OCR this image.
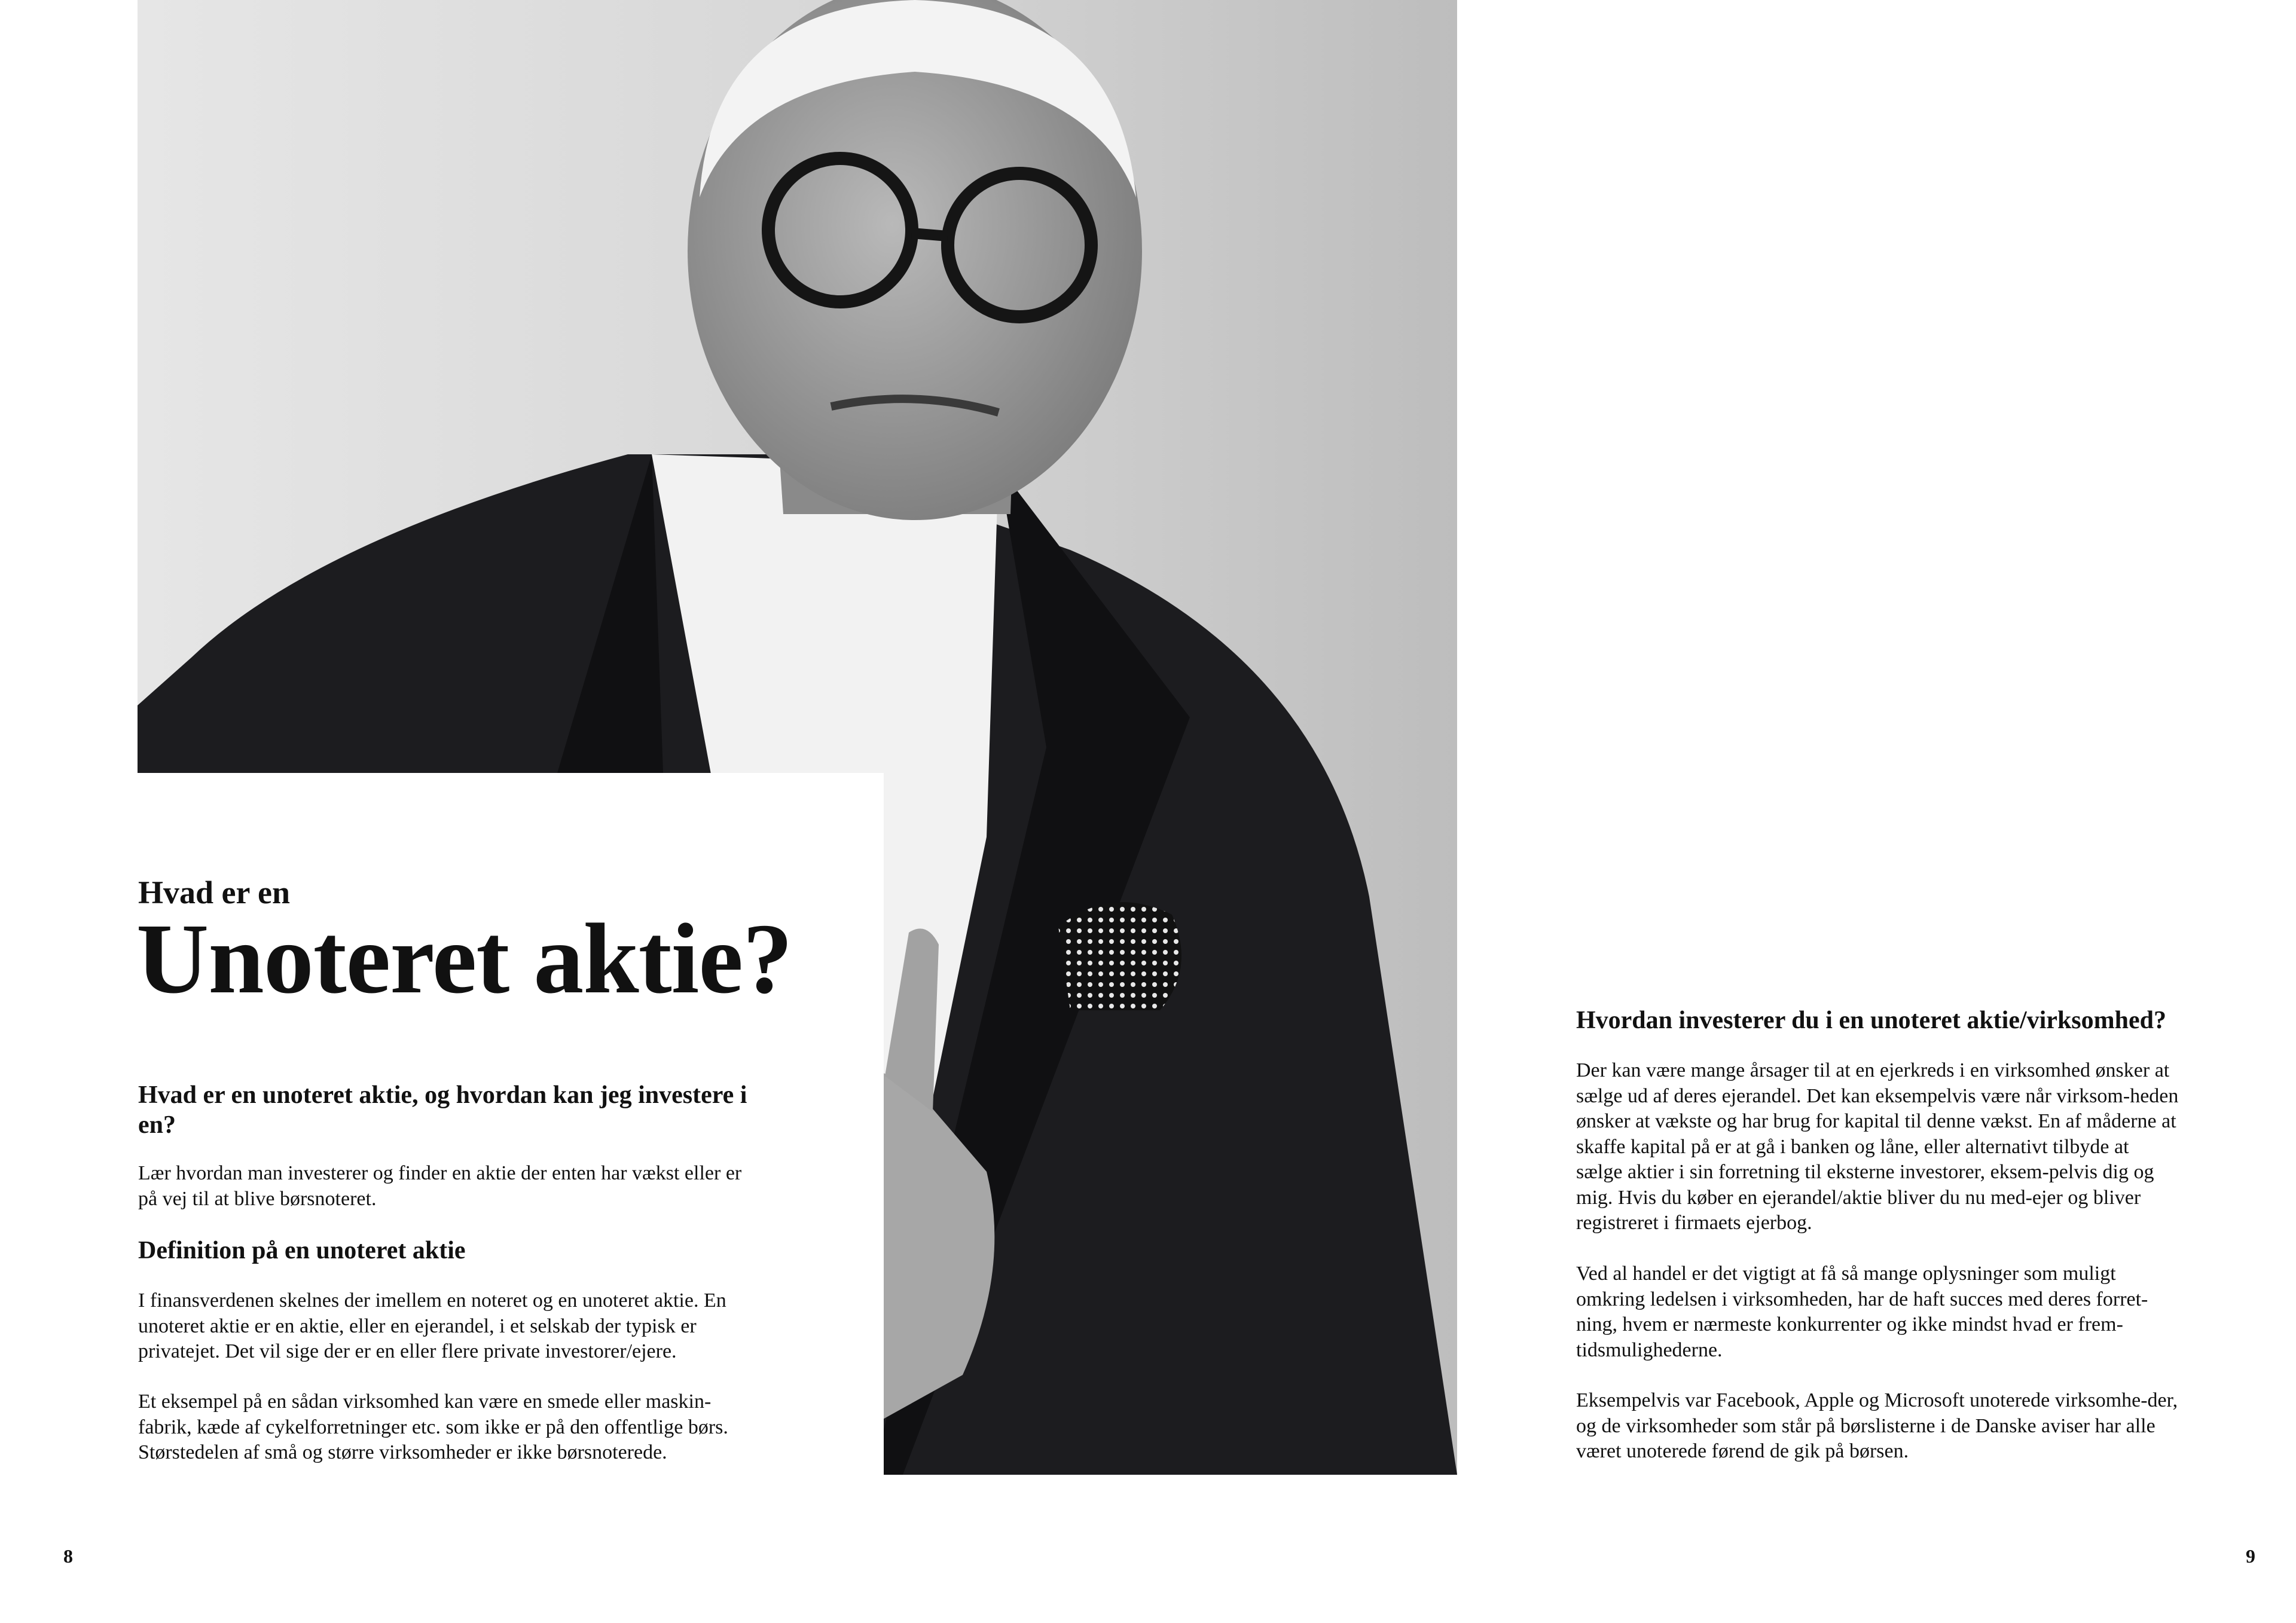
Hvad er en
Unoteret aktie?
Hvad er en unoteret aktie, og hvordan kan jeg investere i en?
Lær hvordan man investerer og finder en aktie der enten har vækst eller er på vej til at blive børsnoteret.
Definition på en unoteret aktie
I finansverdenen skelnes der imellem en noteret og en unoteret aktie. En unoteret aktie er en aktie, eller en ejerandel, i et selskab der typisk er privatejet. Det vil sige der er en eller flere private investorer/ejere.
Et eksempel på en sådan virksomhed kan være en smede eller maskin-fabrik, kæde af cykelforretninger etc. som ikke er på den offentlige børs. Størstedelen af små og større virksomheder er ikke børsnoterede.
Hvordan investerer du i en unoteret aktie/virksomhed?
Der kan være mange årsager til at en ejerkreds i en virksomhed ønsker at sælge ud af deres ejerandel. Det kan eksempelvis være når virksom-heden ønsker at vækste og har brug for kapital til denne vækst. En af måderne at skaffe kapital på er at gå i banken og låne, eller alternativt tilbyde at sælge aktier i sin forretning til eksterne investorer, eksem-pelvis dig og mig. Hvis du køber en ejerandel/aktie bliver du nu med-ejer og bliver registreret i firmaets ejerbog.
Ved al handel er det vigtigt at få så mange oplysninger som muligt omkring ledelsen i virksomheden, har de haft succes med deres forret-ning, hvem er nærmeste konkurrenter og ikke mindst hvad er frem-tidsmulighederne.
Eksempelvis var Facebook, Apple og Microsoft unoterede virksomhe-der, og de virksomheder som står på børslisterne i de Danske aviser har alle været unoterede førend de gik på børsen.
8	9
